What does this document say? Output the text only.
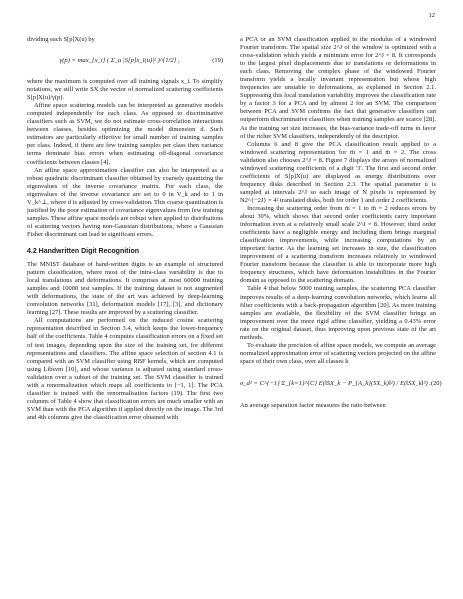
12

dividing each S[p]X(u) by

γ(p) = max_{x_i} ( Σ_u |S[p]x_i(u)|² )^{1/2} ,	(19)

where the maximum is computed over all training signals x_i. To simplify notations, we still write SX the vector of normalized scattering coefficients S[p]X(u)/γ(p).

Affine space scattering models can be interpreted as generative models computed independently for each class. As opposed to discriminative classifiers such as SVM, we do not estimate cross-correlation interactions between classes, besides optimizing the model dimension d. Such estimators are particularly effective for small number of training samples per class. Indeed, if there are few training samples per class then variance terms dominate bias errors when estimating off-diagonal covariance coefficients between classes [4].

An affine space approximation classifier can also be interpreted as a robust quadratic discriminant classifier obtained by coarsely quantizing the eigenvalues of the inverse covariance matrix. For each class, the eigenvalues of the inverse covariance are set to 0 in V_k and to 1 in V_k^⊥, where d is adjusted by cross-validation. This coarse quantization is justified by the poor estimation of covariance eigenvalues from few training samples. These affine space models are robust when applied to distributions of scattering vectors having non-Gaussian distributions, where a Gaussian Fisher discriminant can lead to significant errors.

4.2 Handwritten Digit Recognition

The MNIST database of hand-written digits is an example of structured pattern classification, where most of the intra-class variability is due to local translations and deformations. It comprises at most 60000 training samples and 10000 test samples. If the training dataset is not augmented with deformations, the state of the art was achieved by deep-learning convolution networks [31], deformation models [17], [3], and dictionary learning [27]. These results are improved by a scattering classifier.

All computations are performed on the reduced cosine scattering representation described in Section 3.4, which keeps the lower-frequency half of the coefficients. Table 4 computes classification errors on a fixed set of test images, depending upon the size of the training set, for different representations and classifiers. The affine space selection of section 4.1 is compared with an SVM classifier using RBF kernels, which are computed using Libsvm [10], and whose variance is adjusted using standard cross-validation over a subset of the training set. The SVM classifier is trained with a renormalization which maps all coefficients to [−1, 1]. The PCA classifier is trained with the renormalisation factors (19). The first two columns of Table 4 show that classification errors are much smaller with an SVM than with the PCA algorithm if applied directly on the image. The 3rd and 4th columns give the classification error obtained with

a PCA or an SVM classification applied to the modulus of a windowed Fourier transform. The spatial size 2^J of the window is optimized with a cross-validation which yields a minimum error for 2^J = 8. It corresponds to the largest pixel displacements due to translations or deformations in each class. Removing the complex phase of the windowed Fourier transform yields a locally invariant representation but whose high frequencies are unstable to deformations, as explained in Section 2.1. Suppressing this local translation variability improves the classification rate by a factor 3 for a PCA and by almost 2 for an SVM. The comparison between PCA and SVM confirms the fact that generative classifiers can outperform discriminative classifiers when training samples are scarce [28]. As the training set size increases, the bias-variance trade-off turns in favor of the richer SVM classifiers, independently of the descriptor.

Columns 6 and 8 give the PCA classification result applied to a windowed scattering representation for m̄ = 1 and m̄ = 2. The cross validation also chooses 2^J = 8. Figure 7 displays the arrays of normalized windowed scattering coefficients of a digit '3'. The first and second order coefficients of S[p]X(u) are displayed as energy distributions over frequency disks described in Section 2.3. The spatial parameter u is sampled at intervals 2^J so each image of N pixels is represented by N2^{−2J} = 4² translated disks, both for order 1 and order 2 coefficients.

Increasing the scattering order from m̄ = 1 to m̄ = 2 reduces errors by about 30%, which shows that second order coefficients carry important information even at a relatively small scale 2^J = 8. However, third order coefficients have a negligible energy and including them brings marginal classification improvements, while increasing computations by an important factor. As the learning set increases in size, the classification improvement of a scattering transform increases relatively to windowed Fourier transform because the classifier is able to incorporate more high frequency structures, which have deformation instabilities in the Fourier domain as opposed to the scattering domain.

Table 4 that below 5000 training samples, the scattering PCA classifier improves results of a deep-learning convolution networks, which learns all filter coefficients with a back-propagation algorithm [20]. As more training samples are available, the flexibility of the SVM classifier brings an improvement over the more rigid affine classifier, yielding a 0.43% error rate on the original dataset, thus improving upon previous state of the art methods.

To evaluate the precision of affine space models, we compute an average normalized approximation error of scattering vectors projected on the affine space of their own class, over all classes k

σ_d² = C^{−1} Σ_{k=1}^{C} E(‖SX_k − P_{A_k}(SX_k)‖²) / E(‖SX_k‖²) . (20)

An average separation factor measures the ratio between
